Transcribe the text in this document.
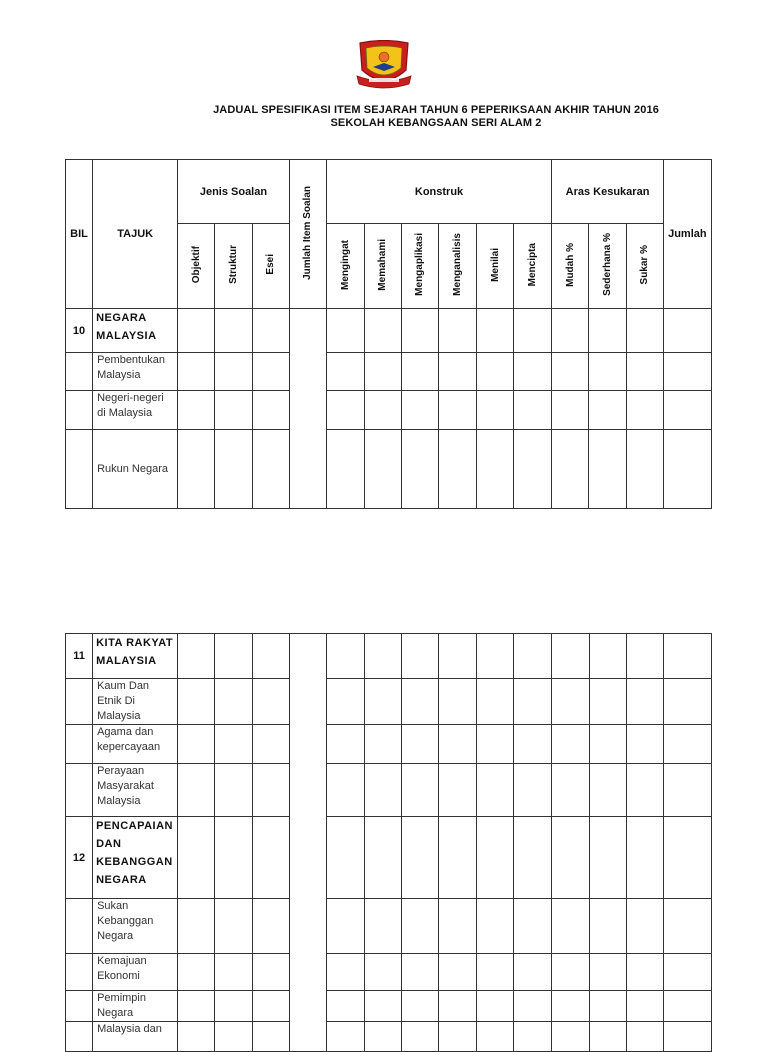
JADUAL SPESIFIKASI ITEM SEJARAH TAHUN 6 PEPERIKSAAN AKHIR TAHUN 2016
SEKOLAH KEBANGSAAN SERI ALAM 2
BIL	TAJUK	Jenis Soalan			Jumlah Item Soalan	Konstruk						Aras Kesukaran			Jumlah
		Objektif	Struktur	Esei		Mengingat	Memahami	Mengaplikasi	Menganalisis	Menilai	Mencipta	Mudah %	Sederhana %	Sukar %	
10	NEGARA MALAYSIA														
	Pembentukan Malaysia														
	Negeri-negeri di Malaysia														
	Rukun Negara														
11	KITA RAKYAT MALAYSIA														
	Kaum Dan Etnik Di Malaysia														
	Agama dan kepercayaan														
	Perayaan Masyarakat Malaysia														
12	PENCAPAIAN DAN KEBANGGAN NEGARA														
	Sukan Kebanggan Negara														
	Kemajuan Ekonomi														
	Pemimpin Negara														
	Malaysia dan														
